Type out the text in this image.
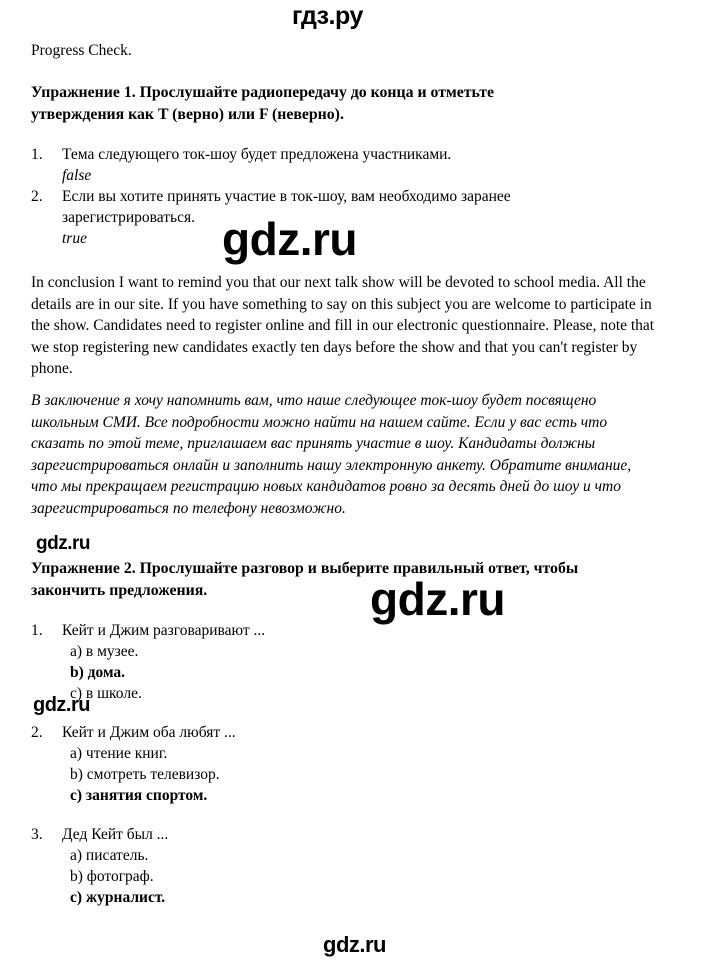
гдз.ру
gdz.ru
gdz.ru
gdz.ru
gdz.ru
gdz.ru
Progress Check.
Упражнение 1. Прослушайте радиопередачу до конца и отметьте утверждения как T (верно) или F (неверно).
1. Тема следующего ток-шоу будет предложена участниками.
false
2. Если вы хотите принять участие в ток-шоу, вам необходимо заранее зарегистрироваться.
true
In conclusion I want to remind you that our next talk show will be devoted to school media. All the details are in our site. If you have something to say on this subject you are welcome to participate in the show. Candidates need to register online and fill in our electronic questionnaire. Please, note that we stop registering new candidates exactly ten days before the show and that you can't register by phone.
В заключение я хочу напомнить вам, что наше следующее ток-шоу будет посвящено школьным СМИ. Все подробности можно найти на нашем сайте. Если у вас есть что сказать по этой теме, приглашаем вас принять участие в шоу. Кандидаты должны зарегистрироваться онлайн и заполнить нашу электронную анкету. Обратите внимание, что мы прекращаем регистрацию новых кандидатов ровно за десять дней до шоу и что зарегистрироваться по телефону невозможно.
Упражнение 2. Прослушайте разговор и выберите правильный ответ, чтобы закончить предложения.
1. Кейт и Джим разговаривают ...
a) в музее.
b) дома.
c) в школе.
2. Кейт и Джим оба любят ...
a) чтение книг.
b) смотреть телевизор.
c) занятия спортом.
3. Дед Кейт был ...
a) писатель.
b) фотограф.
c) журналист.
